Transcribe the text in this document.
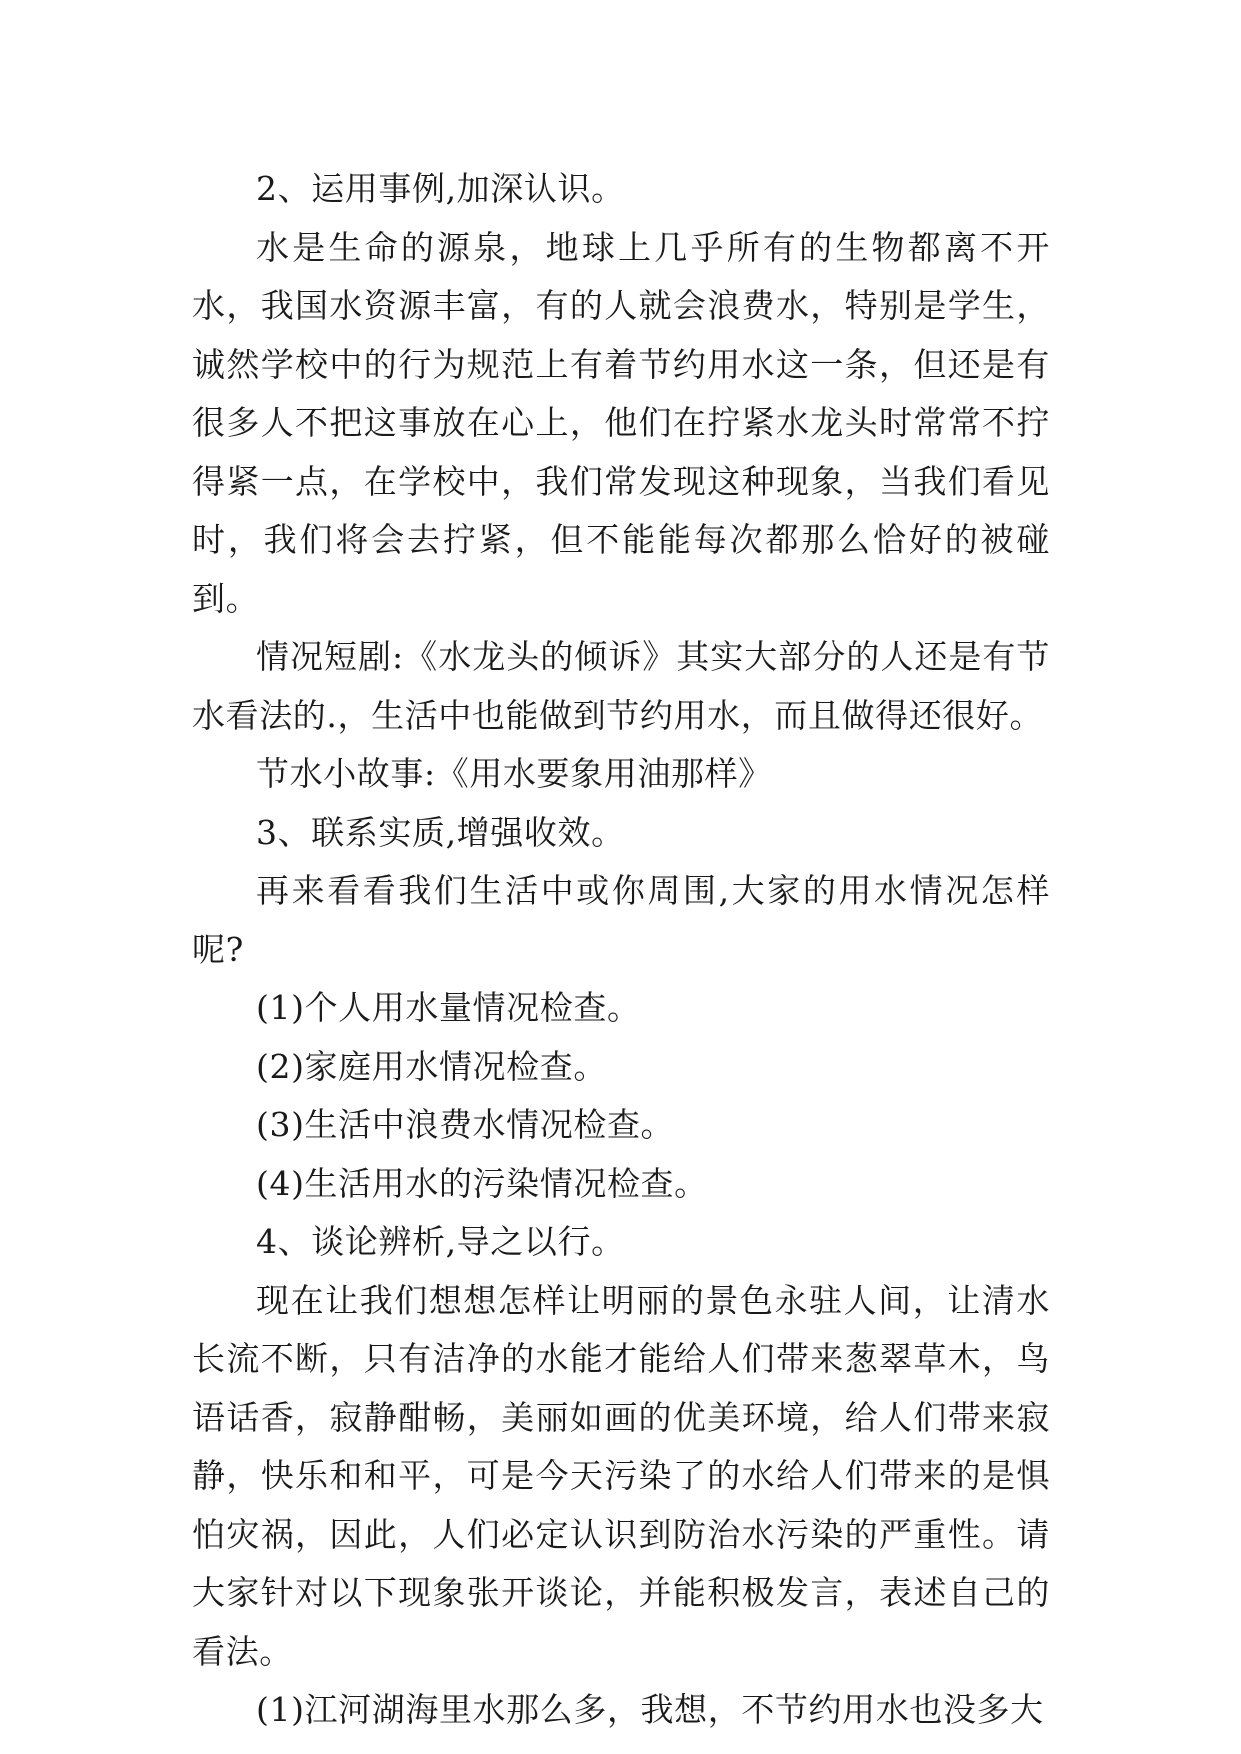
2、运用事例,加深认识。

水是生命的源泉，地球上几乎所有的生物都离不开水，我国水资源丰富，有的人就会浪费水，特别是学生，诚然学校中的行为规范上有着节约用水这一条，但还是有很多人不把这事放在心上，他们在拧紧水龙头时常常不拧得紧一点，在学校中，我们常发现这种现象，当我们看见时，我们将会去拧紧，但不能能每次都那么恰好的被碰到。

情况短剧:《水龙头的倾诉》其实大部分的人还是有节水看法的.，生活中也能做到节约用水，而且做得还很好。

节水小故事:《用水要象用油那样》

3、联系实质,增强收效。

再来看看我们生活中或你周围,大家的用水情况怎样呢?

(1)个人用水量情况检查。

(2)家庭用水情况检查。

(3)生活中浪费水情况检查。

(4)生活用水的污染情况检查。

4、谈论辨析,导之以行。

现在让我们想想怎样让明丽的景色永驻人间，让清水长流不断，只有洁净的水能才能给人们带来葱翠草木，鸟语话香，寂静酣畅，美丽如画的优美环境，给人们带来寂静，快乐和和平，可是今天污染了的水给人们带来的是惧怕灾祸，因此，人们必定认识到防治水污染的严重性。请大家针对以下现象张开谈论，并能积极发言，表述自己的看法。

(1)江河湖海里水那么多，我想，不节约用水也没多大
